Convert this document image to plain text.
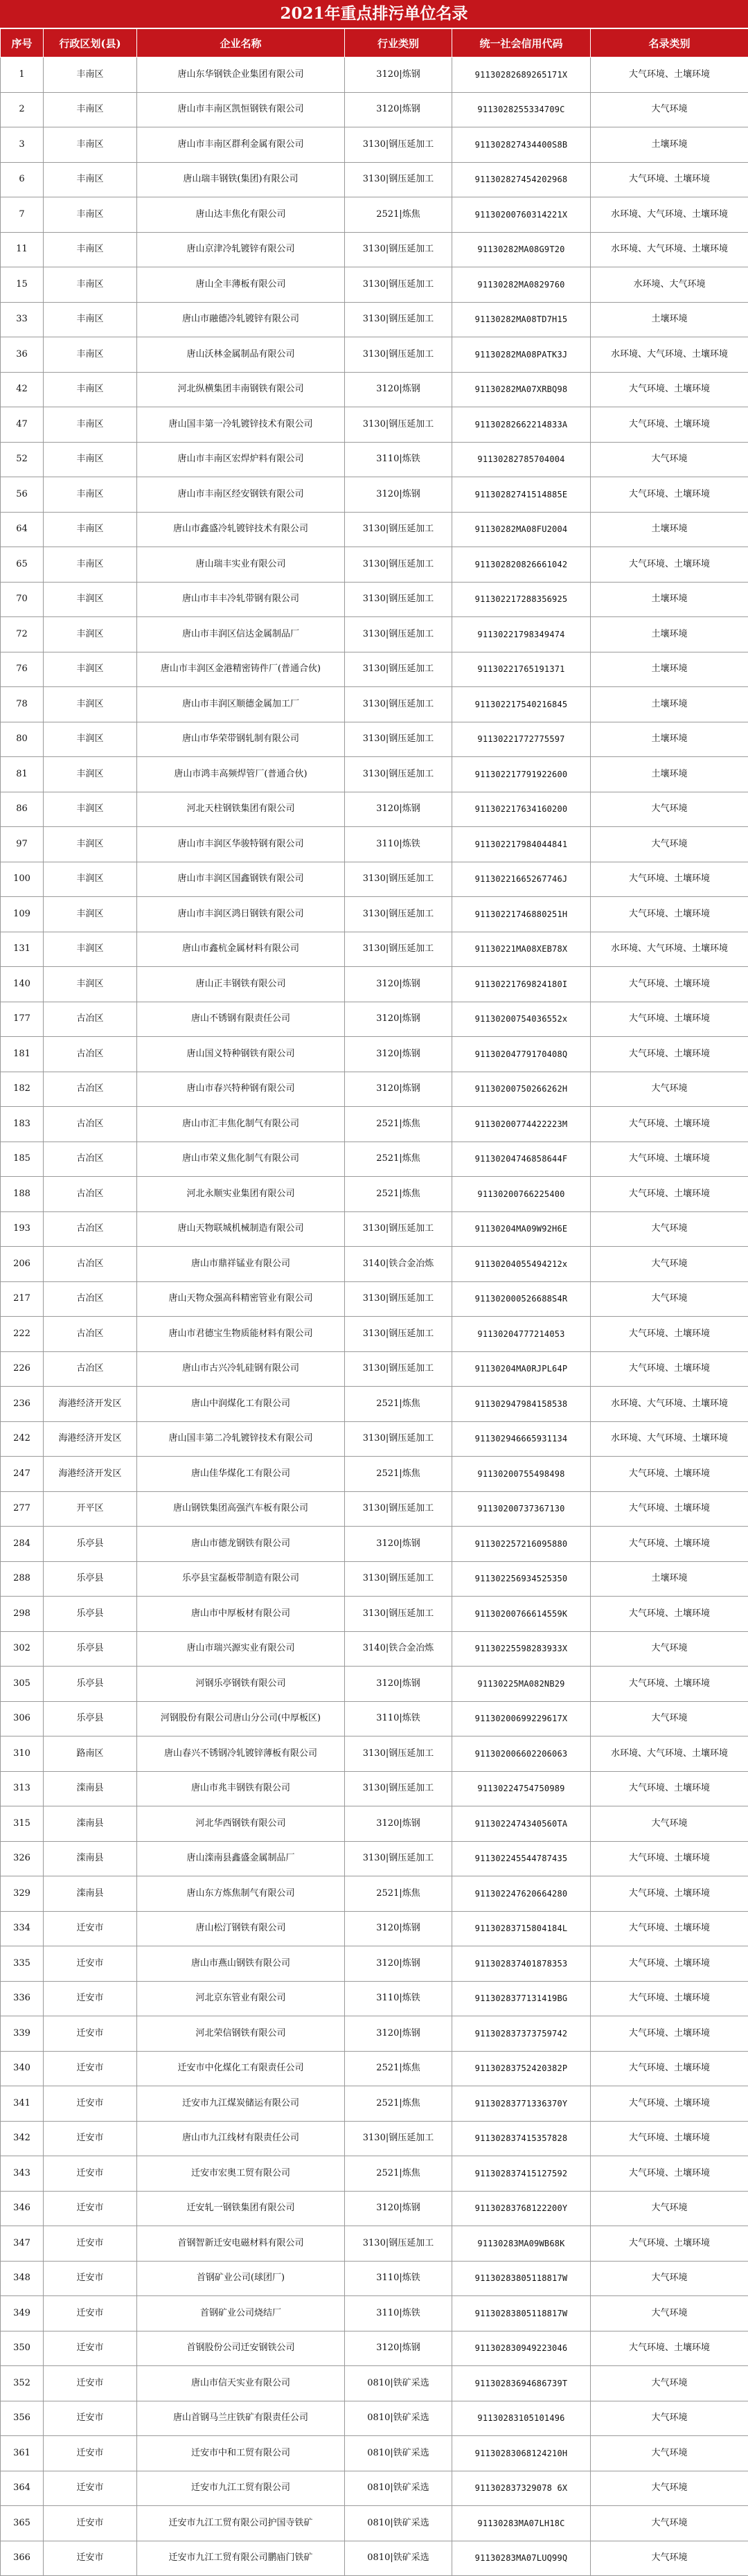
2021年重点排污单位名录
序号	行政区划(县)	企业名称	行业类别	统一社会信用代码	名录类别
1	丰南区	唐山东华钢铁企业集团有限公司	3120|炼钢	91130282689265171X	大气环境、土壤环境
2	丰南区	唐山市丰南区凯恒钢铁有限公司	3120|炼钢	9113028255334709C	大气环境
3	丰南区	唐山市丰南区群利金属有限公司	3130|钢压延加工	911302827434400S8B	土壤环境
6	丰南区	唐山瑞丰钢铁(集团)有限公司	3130|钢压延加工	911302827454202968	大气环境、土壤环境
7	丰南区	唐山达丰焦化有限公司	2521|炼焦	91130200760314221X	水环境、大气环境、土壤环境
11	丰南区	唐山京津冷轧镀锌有限公司	3130|钢压延加工	91130282MA08G9T20	水环境、大气环境、土壤环境
15	丰南区	唐山全丰薄板有限公司	3130|钢压延加工	91130282MA0829760	水环境、大气环境
33	丰南区	唐山市融德冷轧镀锌有限公司	3130|钢压延加工	91130282MA08TD7H15	土壤环境
36	丰南区	唐山沃林金属制品有限公司	3130|钢压延加工	91130282MA08PATK3J	水环境、大气环境、土壤环境
42	丰南区	河北纵横集团丰南钢铁有限公司	3120|炼钢	91130282MA07XRBQ98	大气环境、土壤环境
47	丰南区	唐山国丰第一冷轧镀锌技术有限公司	3130|钢压延加工	91130282662214833A	大气环境、土壤环境
52	丰南区	唐山市丰南区宏焊炉料有限公司	3110|炼铁	91130282785704004	大气环境
56	丰南区	唐山市丰南区经安钢铁有限公司	3120|炼钢	91130282741514885E	大气环境、土壤环境
64	丰南区	唐山市鑫盛冷轧镀锌技术有限公司	3130|钢压延加工	91130282MA08FU2004	土壤环境
65	丰南区	唐山瑞丰实业有限公司	3130|钢压延加工	911302820826661042	大气环境、土壤环境
70	丰润区	唐山市丰丰冷轧带钢有限公司	3130|钢压延加工	911302217288356925	土壤环境
72	丰润区	唐山市丰润区信达金属制品厂	3130|钢压延加工	91130221798349474	土壤环境
76	丰润区	唐山市丰润区金港精密铸件厂(普通合伙)	3130|钢压延加工	91130221765191371	土壤环境
78	丰润区	唐山市丰润区顺德金属加工厂	3130|钢压延加工	911302217540216845	土壤环境
80	丰润区	唐山市华荣带钢轧制有限公司	3130|钢压延加工	91130221772775597	土壤环境
81	丰润区	唐山市鸿丰高频焊管厂(普通合伙)	3130|钢压延加工	911302217791922600	土壤环境
86	丰润区	河北天柱钢铁集团有限公司	3120|炼钢	911302217634160200	大气环境
97	丰润区	唐山市丰润区华骏特钢有限公司	3110|炼铁	911302217984044841	大气环境
100	丰润区	唐山市丰润区国鑫钢铁有限公司	3130|钢压延加工	91130221665267746J	大气环境、土壤环境
109	丰润区	唐山市丰润区鸿日钢铁有限公司	3130|钢压延加工	91130221746880251H	大气环境、土壤环境
131	丰润区	唐山市鑫杭金属材料有限公司	3130|钢压延加工	91130221MA08XEB78X	水环境、大气环境、土壤环境
140	丰润区	唐山正丰钢铁有限公司	3120|炼钢	91130221769824180I	大气环境、土壤环境
177	古冶区	唐山不锈钢有限责任公司	3120|炼钢	91130200754036552x	大气环境、土壤环境
181	古冶区	唐山国义特种钢铁有限公司	3120|炼钢	91130204779170408Q	大气环境、土壤环境
182	古冶区	唐山市春兴特种钢有限公司	3120|炼钢	91130200750266262H	大气环境
183	古冶区	唐山市汇丰焦化制气有限公司	2521|炼焦	91130200774422223M	大气环境、土壤环境
185	古冶区	唐山市荣义焦化制气有限公司	2521|炼焦	91130204746858644F	大气环境、土壤环境
188	古冶区	河北永顺实业集团有限公司	2521|炼焦	91130200766225400	大气环境、土壤环境
193	古冶区	唐山天物联城机械制造有限公司	3130|钢压延加工	91130204MA09W92H6E	大气环境
206	古冶区	唐山市鼎祥锰业有限公司	3140|铁合金冶炼	91130204055494212x	大气环境
217	古冶区	唐山天物众强高科精密管业有限公司	3130|钢压延加工	911302000526688S4R	大气环境
222	古冶区	唐山市君德宝生物质能材料有限公司	3130|钢压延加工	91130204777214053	大气环境、土壤环境
226	古冶区	唐山市古兴冷轧硅钢有限公司	3130|钢压延加工	91130204MA0RJPL64P	大气环境、土壤环境
236	海港经济开发区	唐山中润煤化工有限公司	2521|炼焦	911302947984158538	水环境、大气环境、土壤环境
242	海港经济开发区	唐山国丰第二冷轧镀锌技术有限公司	3130|钢压延加工	911302946665931134	水环境、大气环境、土壤环境
247	海港经济开发区	唐山佳华煤化工有限公司	2521|炼焦	91130200755498498	大气环境、土壤环境
277	开平区	唐山钢铁集团高强汽车板有限公司	3130|钢压延加工	91130200737367130	大气环境、土壤环境
284	乐亭县	唐山市德龙钢铁有限公司	3120|炼钢	911302257216095880	大气环境、土壤环境
288	乐亭县	乐亭县宝磊板带制造有限公司	3130|钢压延加工	911302256934525350	土壤环境
298	乐亭县	唐山市中厚板材有限公司	3130|钢压延加工	91130200766614559K	大气环境、土壤环境
302	乐亭县	唐山市瑞兴源实业有限公司	3140|铁合金冶炼	91130225598283933X	大气环境
305	乐亭县	河钢乐亭钢铁有限公司	3120|炼钢	91130225MA082NB29	大气环境、土壤环境
306	乐亭县	河钢股份有限公司唐山分公司(中厚板区)	3110|炼铁	91130200699229617X	大气环境
310	路南区	唐山春兴不锈钢冷轧镀锌薄板有限公司	3130|钢压延加工	911302006602206063	水环境、大气环境、土壤环境
313	滦南县	唐山市兆丰钢铁有限公司	3130|钢压延加工	91130224754750989	大气环境、土壤环境
315	滦南县	河北华西钢铁有限公司	3120|炼钢	9113022474340560TA	大气环境
326	滦南县	唐山滦南县鑫盛金属制品厂	3130|钢压延加工	911302245544787435	大气环境、土壤环境
329	滦南县	唐山东方炼焦制气有限公司	2521|炼焦	911302247620664280	大气环境、土壤环境
334	迁安市	唐山松汀钢铁有限公司	3120|炼钢	91130283715804184L	大气环境、土壤环境
335	迁安市	唐山市燕山钢铁有限公司	3120|炼钢	911302837401878353	大气环境、土壤环境
336	迁安市	河北京东管业有限公司	3110|炼铁	9113028377131419BG	大气环境、土壤环境
339	迁安市	河北荣信钢铁有限公司	3120|炼钢	911302837373759742	大气环境、土壤环境
340	迁安市	迁安市中化煤化工有限责任公司	2521|炼焦	91130283752420382P	大气环境、土壤环境
341	迁安市	迁安市九江煤炭储运有限公司	2521|炼焦	91130283771336370Y	大气环境、土壤环境
342	迁安市	唐山市九江线材有限责任公司	3130|钢压延加工	911302837415357828	大气环境、土壤环境
343	迁安市	迁安市宏奥工贸有限公司	2521|炼焦	911302837415127592	大气环境、土壤环境
346	迁安市	迁安轧一钢铁集团有限公司	3120|炼钢	91130283768122200Y	大气环境
347	迁安市	首钢智新迁安电磁材料有限公司	3130|钢压延加工	91130283MA09WB68K	大气环境、土壤环境
348	迁安市	首钢矿业公司(球团厂)	3110|炼铁	91130283805118817W	大气环境
349	迁安市	首钢矿业公司烧结厂	3110|炼铁	91130283805118817W	大气环境
350	迁安市	首钢股份公司迁安钢铁公司	3120|炼钢	911302830949223046	大气环境、土壤环境
352	迁安市	唐山市信天实业有限公司	0810|铁矿采选	91130283694686739T	大气环境
356	迁安市	唐山首钢马兰庄铁矿有限责任公司	0810|铁矿采选	91130283105101496	大气环境
361	迁安市	迁安市中和工贸有限公司	0810|铁矿采选	91130283068124210H	大气环境
364	迁安市	迁安市九江工贸有限公司	0810|铁矿采选	911302837329078 6X	大气环境
365	迁安市	迁安市九江工贸有限公司护国寺铁矿	0810|铁矿采选	91130283MA07LH18C	大气环境
366	迁安市	迁安市九江工贸有限公司鹏庙门铁矿	0810|铁矿采选	91130283MA07LUQ99Q	大气环境
